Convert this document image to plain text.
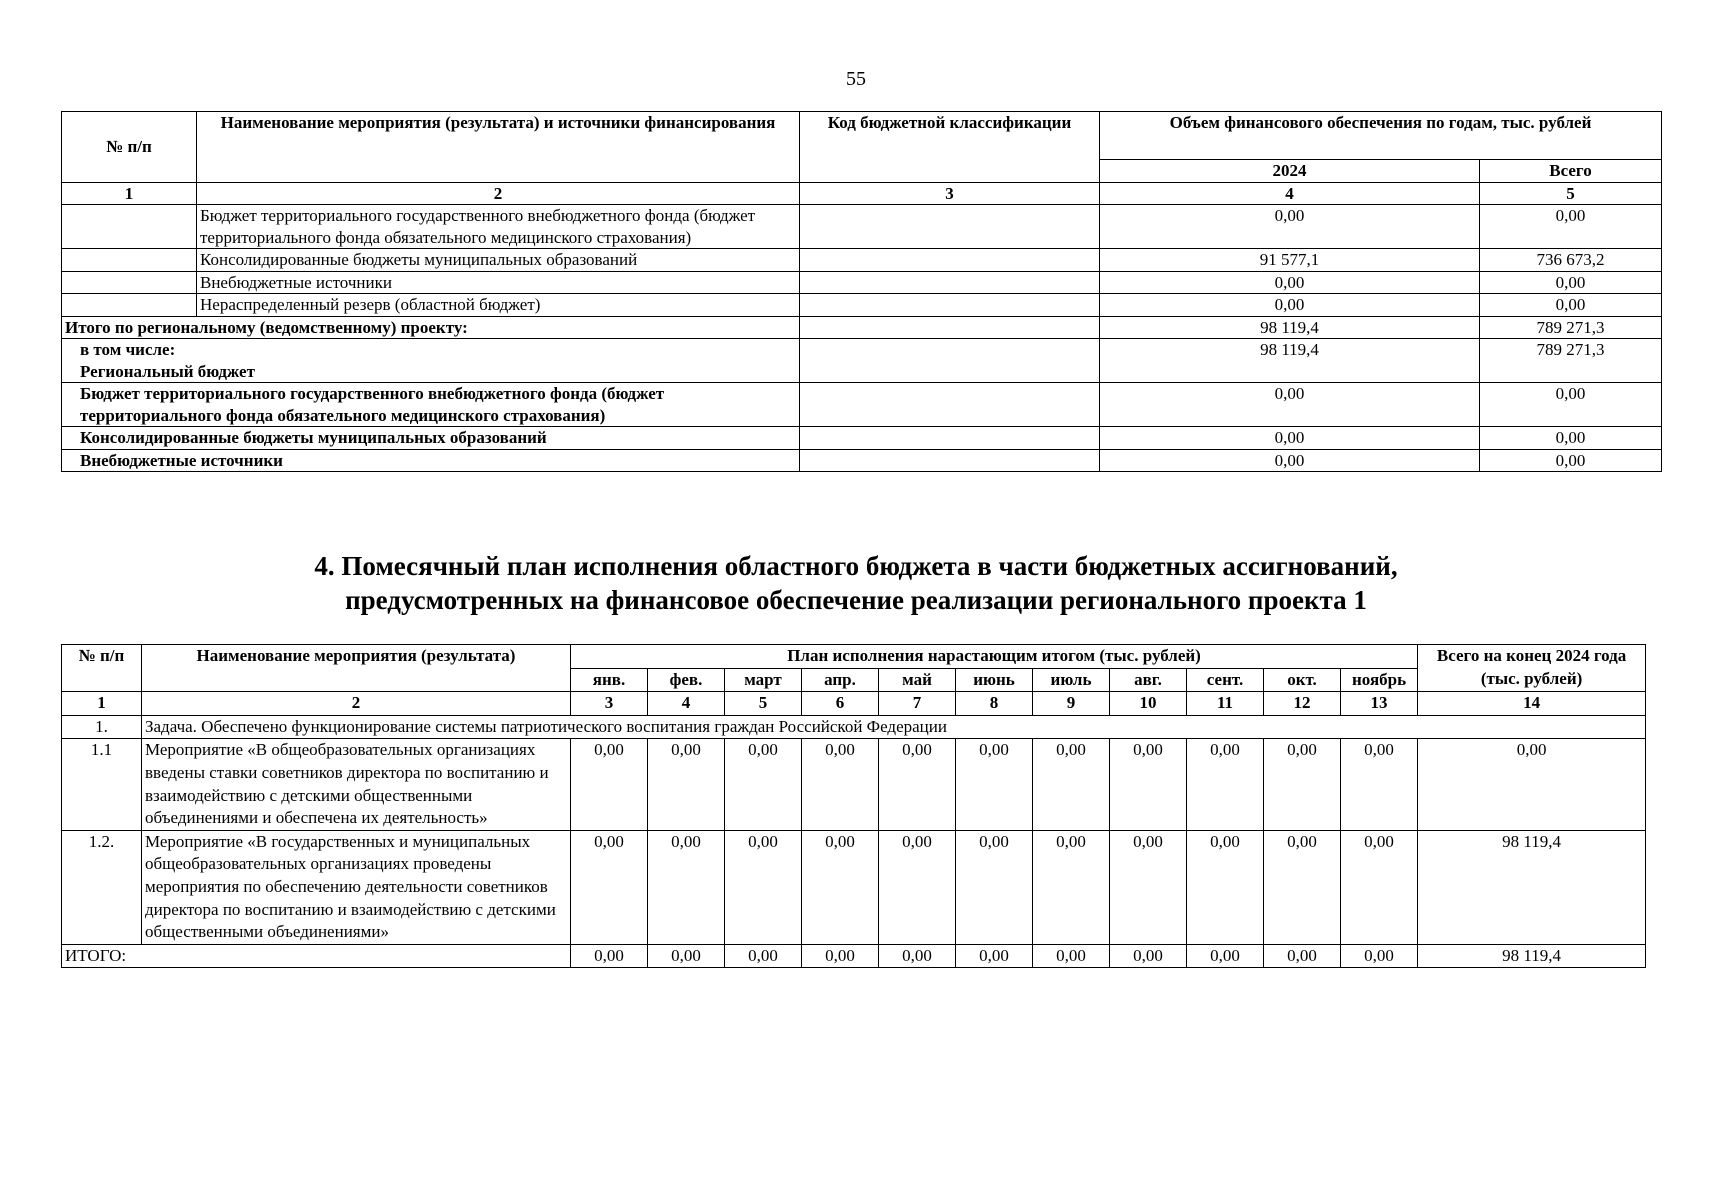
55
№ п/п	Наименование мероприятия (результата) и источники финансирования	Код бюджетной классификации	Объем финансового обеспечения по годам, тыс. рублей	
			2024	Всего
1	2	3	4	5
	Бюджет территориального государственного внебюджетного фонда (бюджет территориального фонда обязательного медицинского страхования)		0,00	0,00
	Консолидированные бюджеты муниципальных образований		91 577,1	736 673,2
	Внебюджетные источники		0,00	0,00
	Нераспределенный резерв (областной бюджет)		0,00	0,00
Итого по региональному (ведомственному) проекту:			98 119,4	789 271,3

в том числе:
Региональный бюджет			98 119,4	789 271,3
Бюджет территориального государственного внебюджетного фонда (бюджет территориального фонда обязательного медицинского страхования)			0,00	0,00
Консолидированные бюджеты муниципальных образований			0,00	0,00
Внебюджетные источники			0,00	0,00
4. Помесячный план исполнения областного бюджета в части бюджетных ассигнований,
предусмотренных на финансовое обеспечение реализации регионального проекта 1
№ п/п	Наименование мероприятия (результата)	План исполнения нарастающим итогом (тыс. рублей)											Всего на конец 2024 года (тыс. рублей)
		янв.	фев.	март	апр.	май	июнь	июль	авг.	сент.	окт.	ноябрь	
1	2	3	4	5	6	7	8	9	10	11	12	13	14
1.	Задача. Обеспечено функционирование системы патриотического воспитания граждан Российской Федерации												
1.1	Мероприятие «В общеобразовательных организациях введены ставки советников директора по воспитанию и взаимодействию с детскими общественными объединениями и обеспечена их деятельность»	0,00	0,00	0,00	0,00	0,00	0,00	0,00	0,00	0,00	0,00	0,00	0,00
1.2.	Мероприятие «В государственных и муниципальных общеобразовательных организациях проведены мероприятия по обеспечению деятельности советников директора по воспитанию и взаимодействию с детскими общественными объединениями»	0,00	0,00	0,00	0,00	0,00	0,00	0,00	0,00	0,00	0,00	0,00	98 119,4
ИТОГО:		0,00	0,00	0,00	0,00	0,00	0,00	0,00	0,00	0,00	0,00	0,00	98 119,4
